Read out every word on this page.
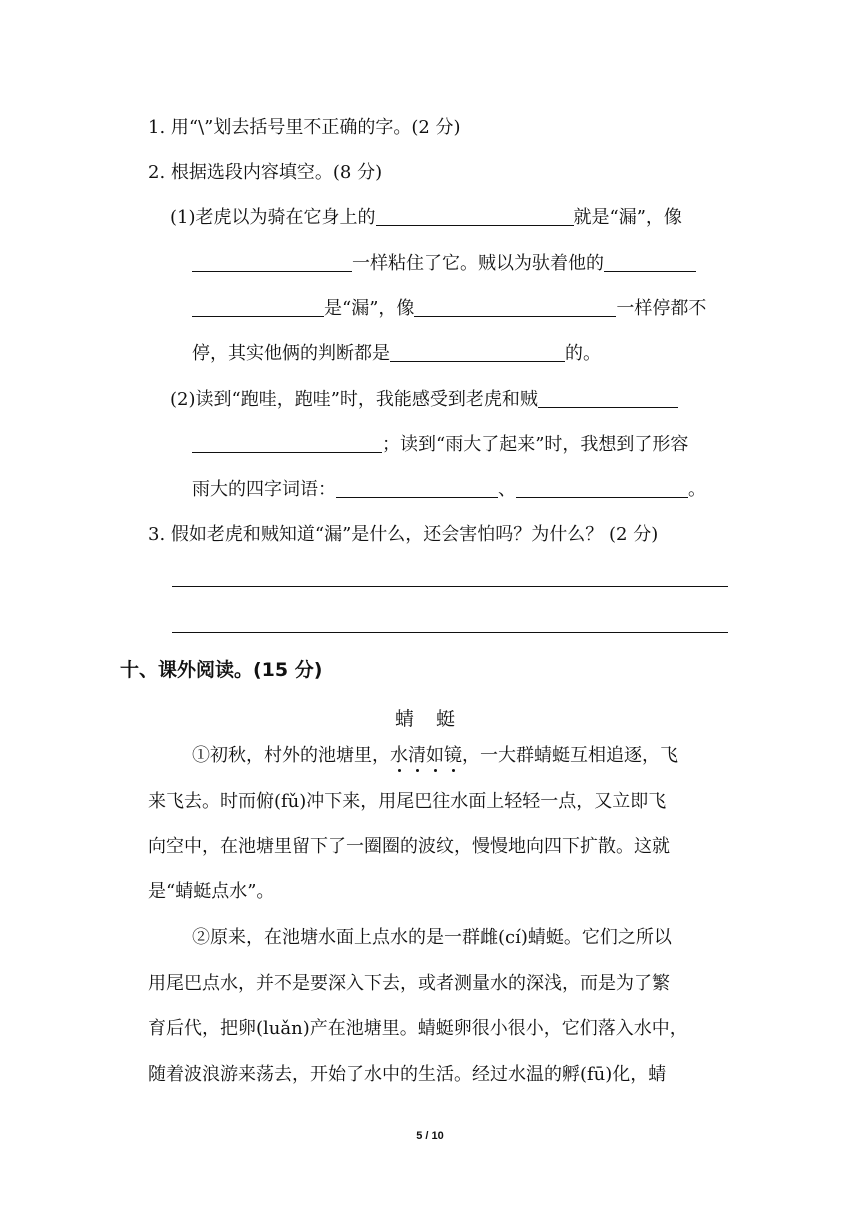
1. 用“\”划去括号里不正确的字。(2 分)
2. 根据选段内容填空。(8 分)
(1)老虎以为骑在它身上的	就是“漏”，像
一样粘住了它。贼以为驮着他的
是“漏”，像	一样停都不
停，其实他俩的判断都是	的。
(2)读到“跑哇，跑哇”时，我能感受到老虎和贼
；读到“雨大了起来”时，我想到了形容
雨大的四字词语：	、	。
3. 假如老虎和贼知道“漏”是什么，还会害怕吗？为什么？ (2 分)
十、课外阅读。(15 分)
蜻蜓
①初秋，村外的池塘里，水清如镜，一大群蜻蜓互相追逐，飞
来飞去。时而俯(fǔ)冲下来，用尾巴往水面上轻轻一点，又立即飞
向空中，在池塘里留下了一圈圈的波纹，慢慢地向四下扩散。这就
是“蜻蜓点水”。
②原来，在池塘水面上点水的是一群雌(cí)蜻蜓。它们之所以
用尾巴点水，并不是要深入下去，或者测量水的深浅，而是为了繁
育后代，把卵(luǎn)产在池塘里。蜻蜓卵很小很小，它们落入水中，
随着波浪游来荡去，开始了水中的生活。经过水温的孵(fū)化，蜻
5 / 10
